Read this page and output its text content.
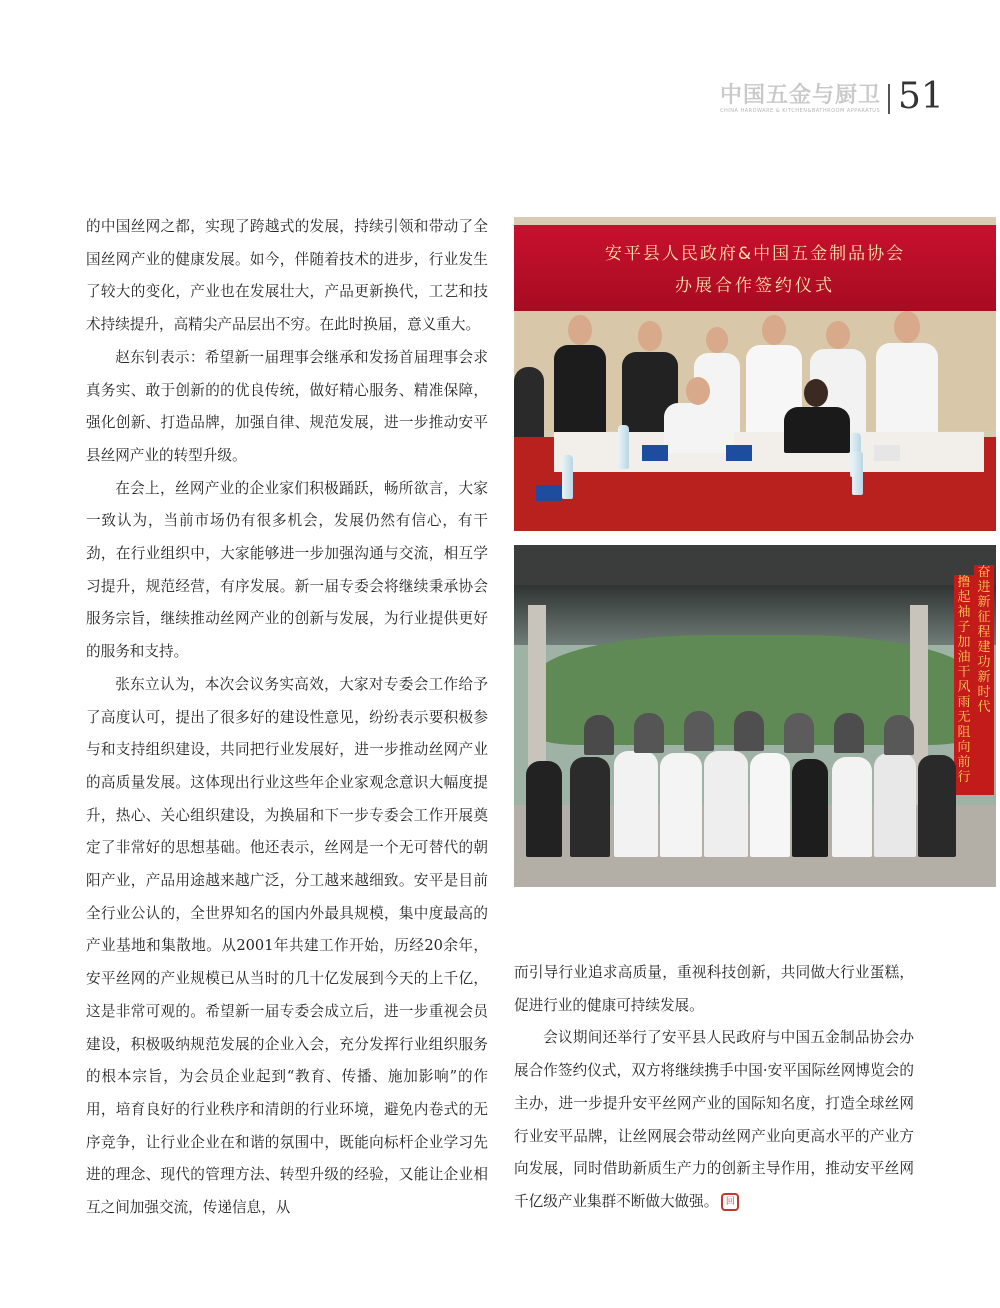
中国五金与厨卫
CHINA HARDWARE & KITCHEN&BATHROOM APPARATUS 51

的中国丝网之都，实现了跨越式的发展，持续引领和带动了全国丝网产业的健康发展。如今，伴随着技术的进步，行业发生了较大的变化，产业也在发展壮大，产品更新换代，工艺和技术持续提升，高精尖产品层出不穷。在此时换届，意义重大。

赵东钊表示：希望新一届理事会继承和发扬首届理事会求真务实、敢于创新的的优良传统，做好精心服务、精准保障，强化创新、打造品牌，加强自律、规范发展，进一步推动安平县丝网产业的转型升级。

在会上，丝网产业的企业家们积极踊跃，畅所欲言，大家一致认为，当前市场仍有很多机会，发展仍然有信心，有干劲，在行业组织中，大家能够进一步加强沟通与交流，相互学习提升，规范经营，有序发展。新一届专委会将继续秉承协会服务宗旨，继续推动丝网产业的创新与发展，为行业提供更好的服务和支持。

张东立认为，本次会议务实高效，大家对专委会工作给予了高度认可，提出了很多好的建设性意见，纷纷表示要积极参与和支持组织建设，共同把行业发展好，进一步推动丝网产业的高质量发展。这体现出行业这些年企业家观念意识大幅度提升，热心、关心组织建设，为换届和下一步专委会工作开展奠定了非常好的思想基础。他还表示，丝网是一个无可替代的朝阳产业，产品用途越来越广泛，分工越来越细致。安平是目前全行业公认的，全世界知名的国内外最具规模，集中度最高的产业基地和集散地。从2001年共建工作开始，历经20余年，安平丝网的产业规模已从当时的几十亿发展到今天的上千亿，这是非常可观的。希望新一届专委会成立后，进一步重视会员建设，积极吸纳规范发展的企业入会，充分发挥行业组织服务的根本宗旨，为会员企业起到“教育、传播、施加影响”的作用，培育良好的行业秩序和清朗的行业环境，避免内卷式的无序竞争，让行业企业在和谐的氛围中，既能向标杆企业学习先进的理念、现代的管理方法、转型升级的经验，又能让企业相互之间加强交流，传递信息，从

安平县人民政府&中国五金制品协会
办展合作签约仪式
奋进新征程 建功新时代
撸起袖子加油干 风雨无阻向前行

而引导行业追求高质量，重视科技创新，共同做大行业蛋糕，促进行业的健康可持续发展。

会议期间还举行了安平县人民政府与中国五金制品协会办展合作签约仪式，双方将继续携手中国·安平国际丝网博览会的主办，进一步提升安平丝网产业的国际知名度，打造全球丝网行业安平品牌，让丝网展会带动丝网产业向更高水平的产业方向发展，同时借助新质生产力的创新主导作用，推动安平丝网千亿级产业集群不断做大做强。 回
